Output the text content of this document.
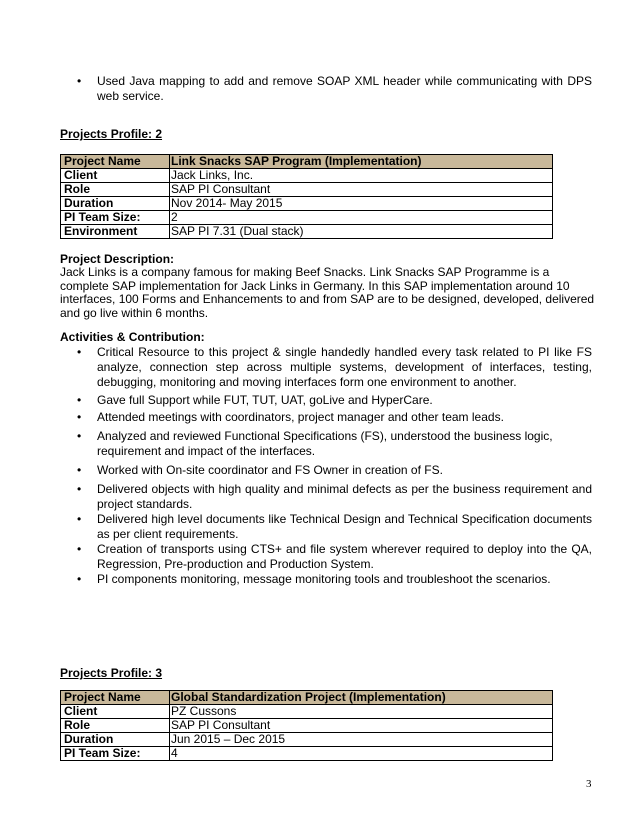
• Used Java mapping to add and remove SOAP XML header while communicating with DPS web service.
Projects Profile: 2
Project Name	Link Snacks SAP Program (Implementation)
Client	Jack Links, Inc.
Role	SAP PI Consultant
Duration	Nov 2014- May 2015
PI Team Size:	2
Environment	SAP PI 7.31 (Dual stack)
Project Description:
Jack Links is a company famous for making Beef Snacks. Link Snacks SAP Programme is a complete SAP implementation for Jack Links in Germany. In this SAP implementation around 10 interfaces, 100 Forms and Enhancements to and from SAP are to be designed, developed, delivered and go live within 6 months.
Activities & Contribution:
• Critical Resource to this project & single handedly handled every task related to PI like FS analyze, connection step across multiple systems, development of interfaces, testing, debugging, monitoring and moving interfaces form one environment to another.
• Gave full Support while FUT, TUT, UAT, goLive and HyperCare.
• Attended meetings with coordinators, project manager and other team leads.
• Analyzed and reviewed Functional Specifications (FS), understood the business logic, requirement and impact of the interfaces.
• Worked with On-site coordinator and FS Owner in creation of FS.
• Delivered objects with high quality and minimal defects as per the business requirement and project standards.
• Delivered high level documents like Technical Design and Technical Specification documents as per client requirements.
• Creation of transports using CTS+ and file system wherever required to deploy into the QA, Regression, Pre-production and Production System.
• PI components monitoring, message monitoring tools and troubleshoot the scenarios.
Projects Profile: 3
Project Name	Global Standardization Project (Implementation)
Client	PZ Cussons
Role	SAP PI Consultant
Duration	Jun 2015 – Dec 2015
PI Team Size:	4
3
